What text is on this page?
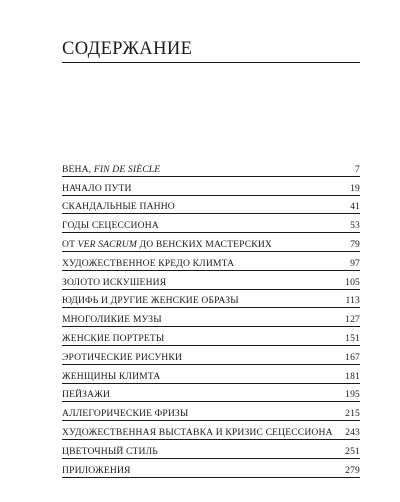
СОДЕРЖАНИЕ
ВЕНА, FIN DE SIÈCLE	7
НАЧАЛО ПУТИ	19
СКАНДАЛЬНЫЕ ПАННО	41
ГОДЫ СЕЦЕССИОНА	53
ОТ VER SACRUM ДО ВЕНСКИХ МАСТЕРСКИХ	79
ХУДОЖЕСТВЕННОЕ КРЕДО КЛИМТА	97
ЗОЛОТО ИСКУШЕНИЯ	105
ЮДИФЬ И ДРУГИЕ ЖЕНСКИЕ ОБРАЗЫ	113
МНОГОЛИКИЕ МУЗЫ	127
ЖЕНСКИЕ ПОРТРЕТЫ	151
ЭРОТИЧЕСКИЕ РИСУНКИ	167
ЖЕНЩИНЫ КЛИМТА	181
ПЕЙЗАЖИ	195
АЛЛЕГОРИЧЕСКИЕ ФРИЗЫ	215
ХУДОЖЕСТВЕННАЯ ВЫСТАВКА И КРИЗИС СЕЦЕССИОНА 243
ЦВЕТОЧНЫЙ СТИЛЬ	251
ПРИЛОЖЕНИЯ	279
